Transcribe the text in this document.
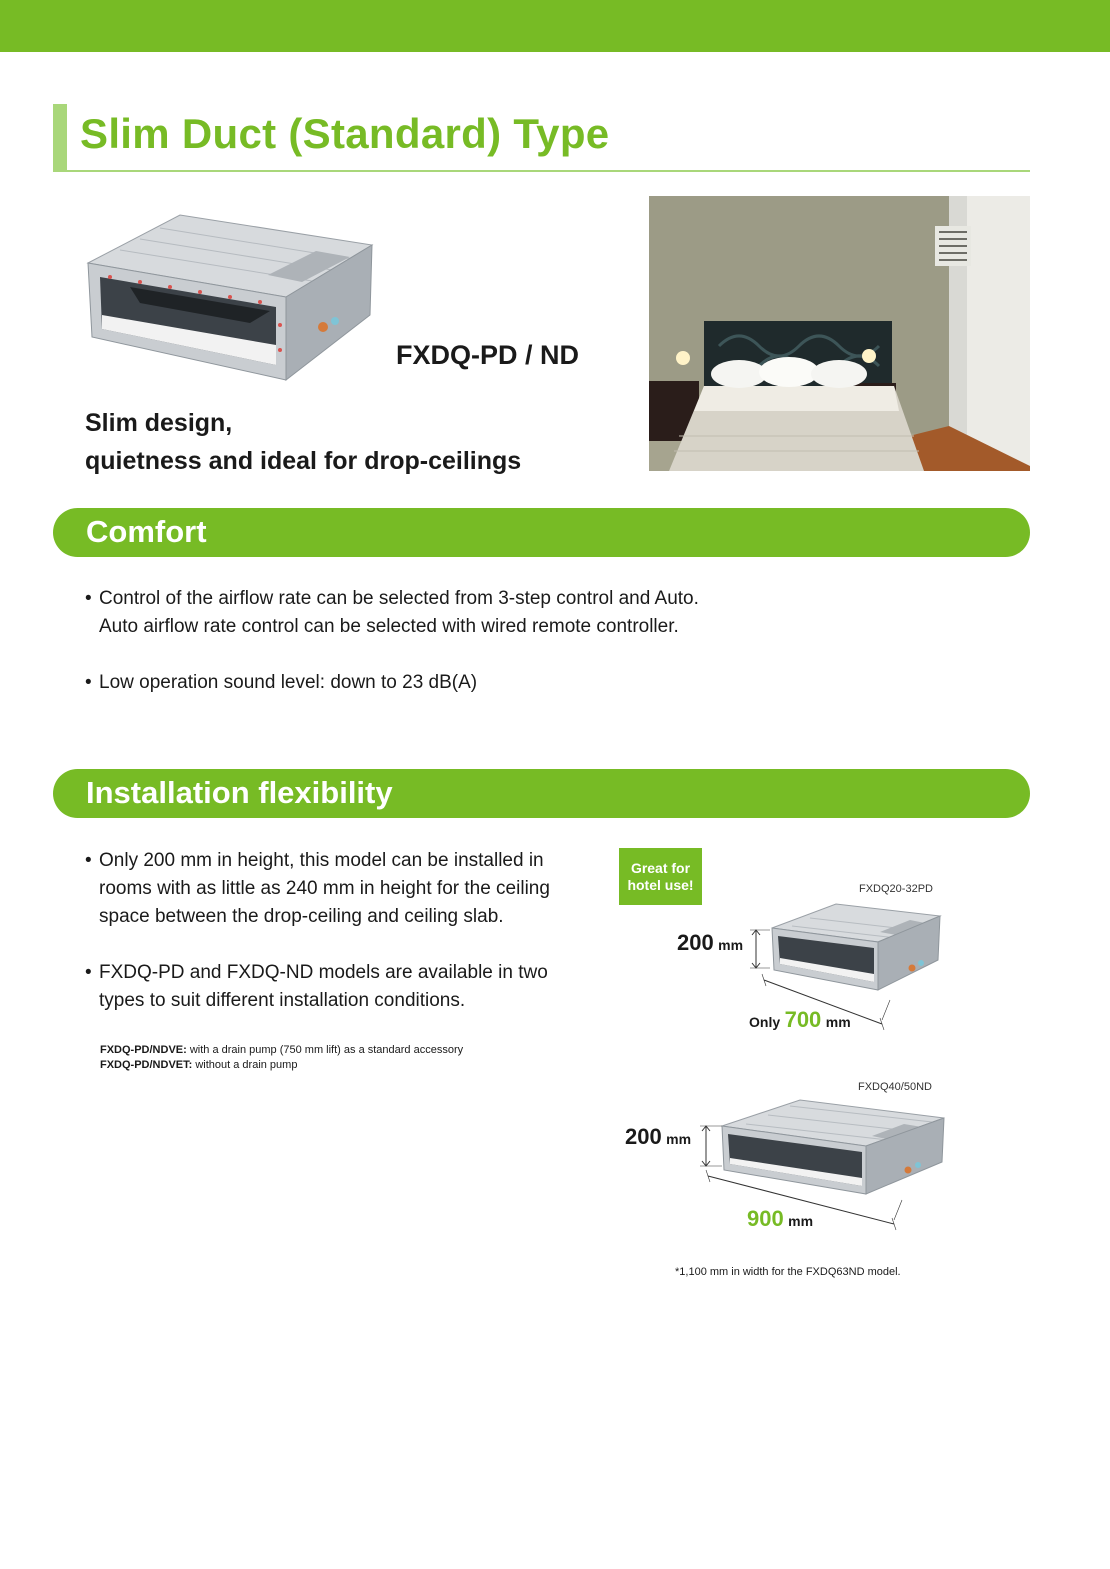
Slim Duct (Standard) Type
FXDQ-PD / ND
Slim design,
quietness and ideal for drop-ceilings
Comfort
• Control of the airflow rate can be selected from 3-step control and Auto.
Auto airflow rate control can be selected with wired remote controller.
• Low operation sound level: down to 23 dB(A)
Installation flexibility
• Only 200 mm in height, this model can be installed in
rooms with as little as 240 mm in height for the ceiling
space between the drop-ceiling and ceiling slab.
• FXDQ-PD and FXDQ-ND models are available in two
types to suit different installation conditions.
FXDQ-PD/NDVE: with a drain pump (750 mm lift) as a standard accessory
FXDQ-PD/NDVET: without a drain pump
Great for
hotel use!	FXDQ20-32PD
200 mm
Only 700 mm
FXDQ40/50ND
200 mm
900 mm
*1,100 mm in width for the FXDQ63ND model.
